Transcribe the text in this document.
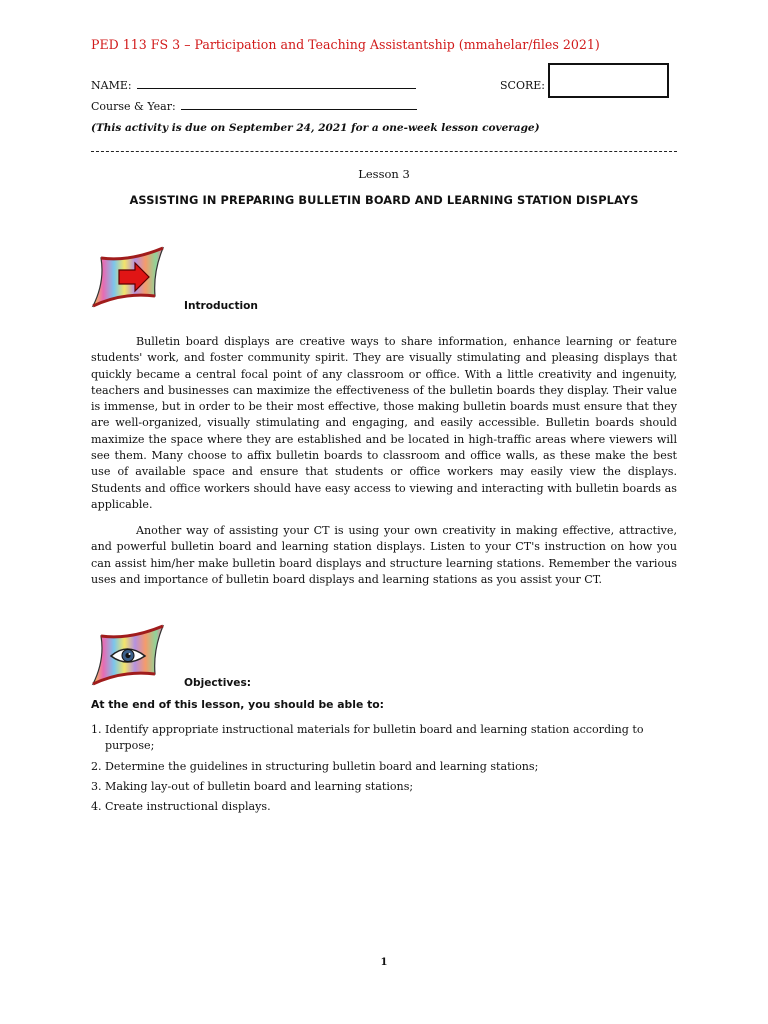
PED 113 FS 3 – Participation and Teaching Assistantship (mmahelar/files 2021)
NAME:	SCORE:
Course & Year:
(This activity is due on September 24, 2021 for a one-week lesson coverage)
Lesson 3
ASSISTING IN PREPARING BULLETIN BOARD AND LEARNING STATION DISPLAYS
Introduction

Bulletin board displays are creative ways to share information, enhance learning or feature students' work, and foster community spirit. They are visually stimulating and pleasing displays that quickly became a central focal point of any classroom or office. With a little creativity and ingenuity, teachers and businesses can maximize the effectiveness of the bulletin boards they display. Their value is immense, but in order to be their most effective, those making bulletin boards must ensure that they are well-organized, visually stimulating and engaging, and easily accessible. Bulletin boards should maximize the space where they are established and be located in high-traffic areas where viewers will see them. Many choose to affix bulletin boards to classroom and office walls, as these make the best use of available space and ensure that students or office workers may easily view the displays. Students and office workers should have easy access to viewing and interacting with bulletin boards as applicable.

Another way of assisting your CT is using your own creativity in making effective, attractive, and powerful bulletin board and learning station displays. Listen to your CT's instruction on how you can assist him/her make bulletin board displays and structure learning stations. Remember the various uses and importance of bulletin board displays and learning stations as you assist your CT.

Objectives:
At the end of this lesson, you should be able to:
1. Identify appropriate instructional materials for bulletin board and learning station according to purpose;
2. Determine the guidelines in structuring bulletin board and learning stations;
3. Making lay-out of bulletin board and learning stations;
4. Create instructional displays.
1
